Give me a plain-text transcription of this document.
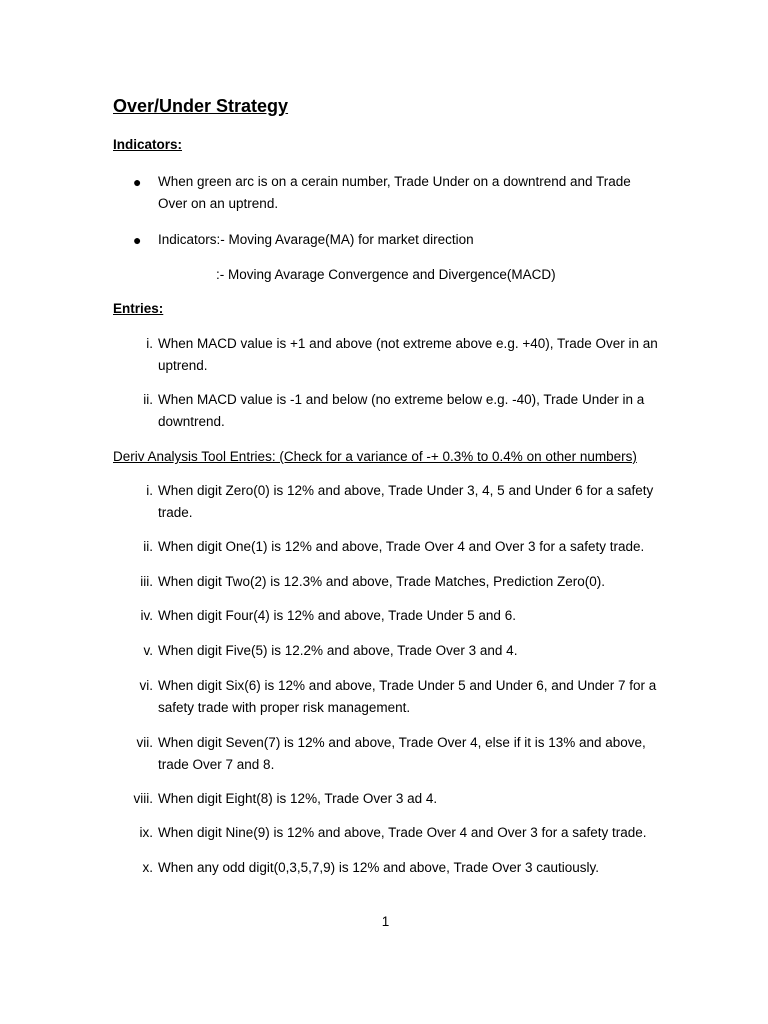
Over/Under Strategy
Indicators:
● When green arc is on a cerain number, Trade Under on a downtrend and Trade Over on an uptrend.
● Indicators:- Moving Avarage(MA) for market direction
:- Moving Avarage Convergence and Divergence(MACD)
Entries:
i. When MACD value is +1 and above (not extreme above e.g. +40), Trade Over in an uptrend.
ii. When MACD value is -1 and below (no extreme below e.g. -40), Trade Under in a downtrend.
Deriv Analysis Tool Entries: (Check for a variance of -+ 0.3% to 0.4% on other numbers)
i. When digit Zero(0) is 12% and above, Trade Under 3, 4, 5 and Under 6 for a safety trade.
ii. When digit One(1) is 12% and above, Trade Over 4 and Over 3 for a safety trade.
iii. When digit Two(2) is 12.3% and above, Trade Matches, Prediction Zero(0).
iv. When digit Four(4) is 12% and above, Trade Under 5 and 6.
v. When digit Five(5) is 12.2% and above, Trade Over 3 and 4.
vi. When digit Six(6) is 12% and above, Trade Under 5 and Under 6, and Under 7 for a safety trade with proper risk management.
vii. When digit Seven(7) is 12% and above, Trade Over 4, else if it is 13% and above, trade Over 7 and 8.
viii. When digit Eight(8) is 12%, Trade Over 3 ad 4.
ix. When digit Nine(9) is 12% and above, Trade Over 4 and Over 3 for a safety trade.
x. When any odd digit(0,3,5,7,9) is 12% and above, Trade Over 3 cautiously.
1
